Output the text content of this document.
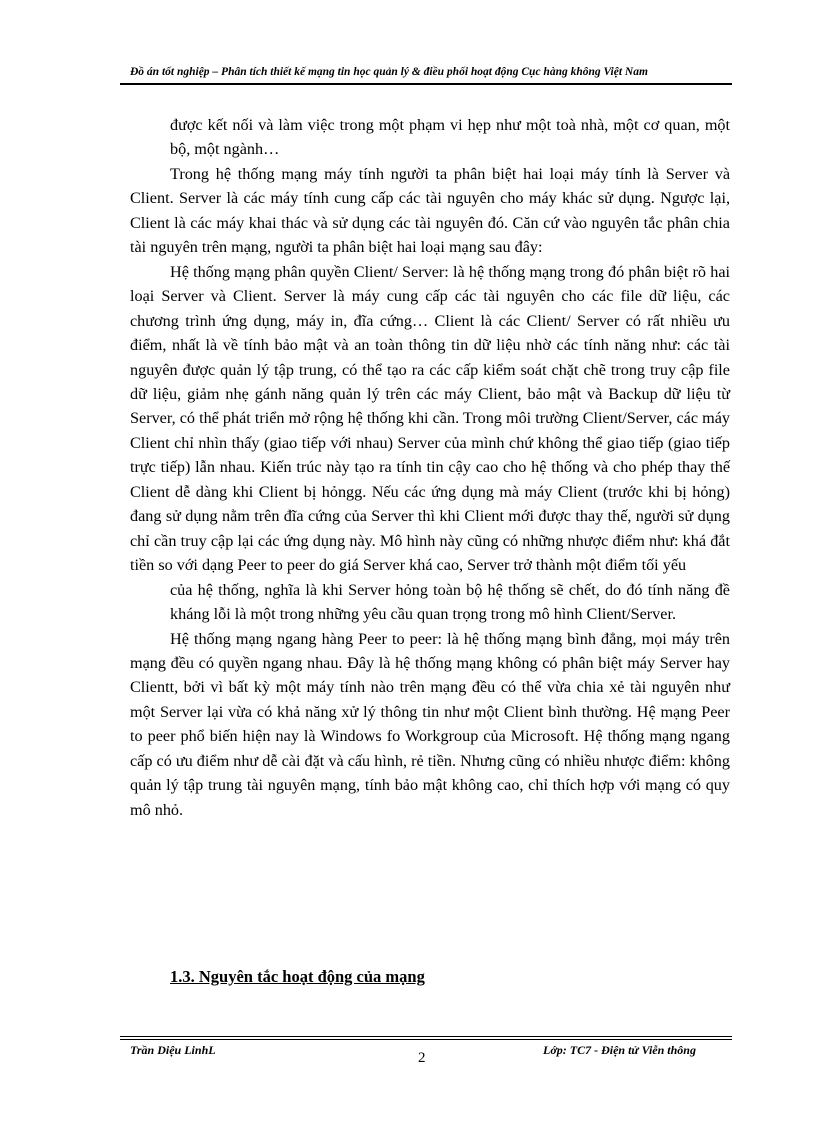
Đồ án tốt nghiệp – Phân tích thiết kế mạng tin học quản lý & điều phối hoạt động Cục hàng không Việt Nam

được kết nối và làm việc trong một phạm vi hẹp như một toà nhà, một cơ quan, một bộ, một ngành…

Trong hệ thống mạng máy tính người ta phân biệt hai loại máy tính là Server và Client. Server là các máy tính cung cấp các tài nguyên cho máy khác sử dụng. Ngược lại, Client là các máy khai thác và sử dụng các tài nguyên đó. Căn cứ vào nguyên tắc phân chia tài nguyên trên mạng, người ta phân biệt hai loại mạng sau đây:

Hệ thống mạng phân quyền Client/ Server: là hệ thống mạng trong đó phân biệt rõ hai loại Server và Client. Server là máy cung cấp các tài nguyên cho các file dữ liệu, các chương trình ứng dụng, máy in, đĩa cứng… Client là các Client/ Server có rất nhiều ưu điểm, nhất là về tính bảo mật và an toàn thông tin dữ liệu nhờ các tính năng như: các tài nguyên được quản lý tập trung, có thể tạo ra các cấp kiểm soát chặt chẽ trong truy cập file dữ liệu, giảm nhẹ gánh năng quản lý trên các máy Client, bảo mật và Backup dữ liệu từ Server, có thể phát triển mở rộng hệ thống khi cần. Trong môi trường Client/Server, các máy Client chỉ nhìn thấy (giao tiếp với nhau) Server của mình chứ không thể giao tiếp (giao tiếp trực tiếp) lẫn nhau. Kiến trúc này tạo ra tính tin cậy cao cho hệ thống và cho phép thay thế Client dễ dàng khi Client bị hỏngg. Nếu các ứng dụng mà máy Client (trước khi bị hỏng) đang sử dụng nằm trên đĩa cứng của Server thì khi Client mới được thay thế, người sử dụng chỉ cần truy cập lại các ứng dụng này. Mô hình này cũng có những nhược điểm như: khá đắt tiền so với dạng Peer to peer do giá Server khá cao, Server trở thành một điểm tối yếu

của hệ thống, nghĩa là khi Server hỏng toàn bộ hệ thống sẽ chết, do đó tính năng đề kháng lỗi là một trong những yêu cầu quan trọng trong mô hình Client/Server.

Hệ thống mạng ngang hàng Peer to peer: là hệ thống mạng bình đẳng, mọi máy trên mạng đều có quyền ngang nhau. Đây là hệ thống mạng không có phân biệt máy Server hay Clientt, bởi vì bất kỳ một máy tính nào trên mạng đều có thể vừa chia xẻ tài nguyên như một Server lại vừa có khả năng xử lý thông tin như một Client bình thường. Hệ mạng Peer to peer phổ biến hiện nay là Windows fo Workgroup của Microsoft. Hệ thống mạng ngang cấp có ưu điểm như dễ cài đặt và cấu hình, rẻ tiền. Nhưng cũng có nhiều nhược điểm: không quản lý tập trung tài nguyên mạng, tính bảo mật không cao, chỉ thích hợp với mạng có quy mô nhỏ.

1.3. Nguyên tắc hoạt động của mạng
Trần Diệu LinhL	2	Lớp: TC7 - Điện tử Viễn thông
